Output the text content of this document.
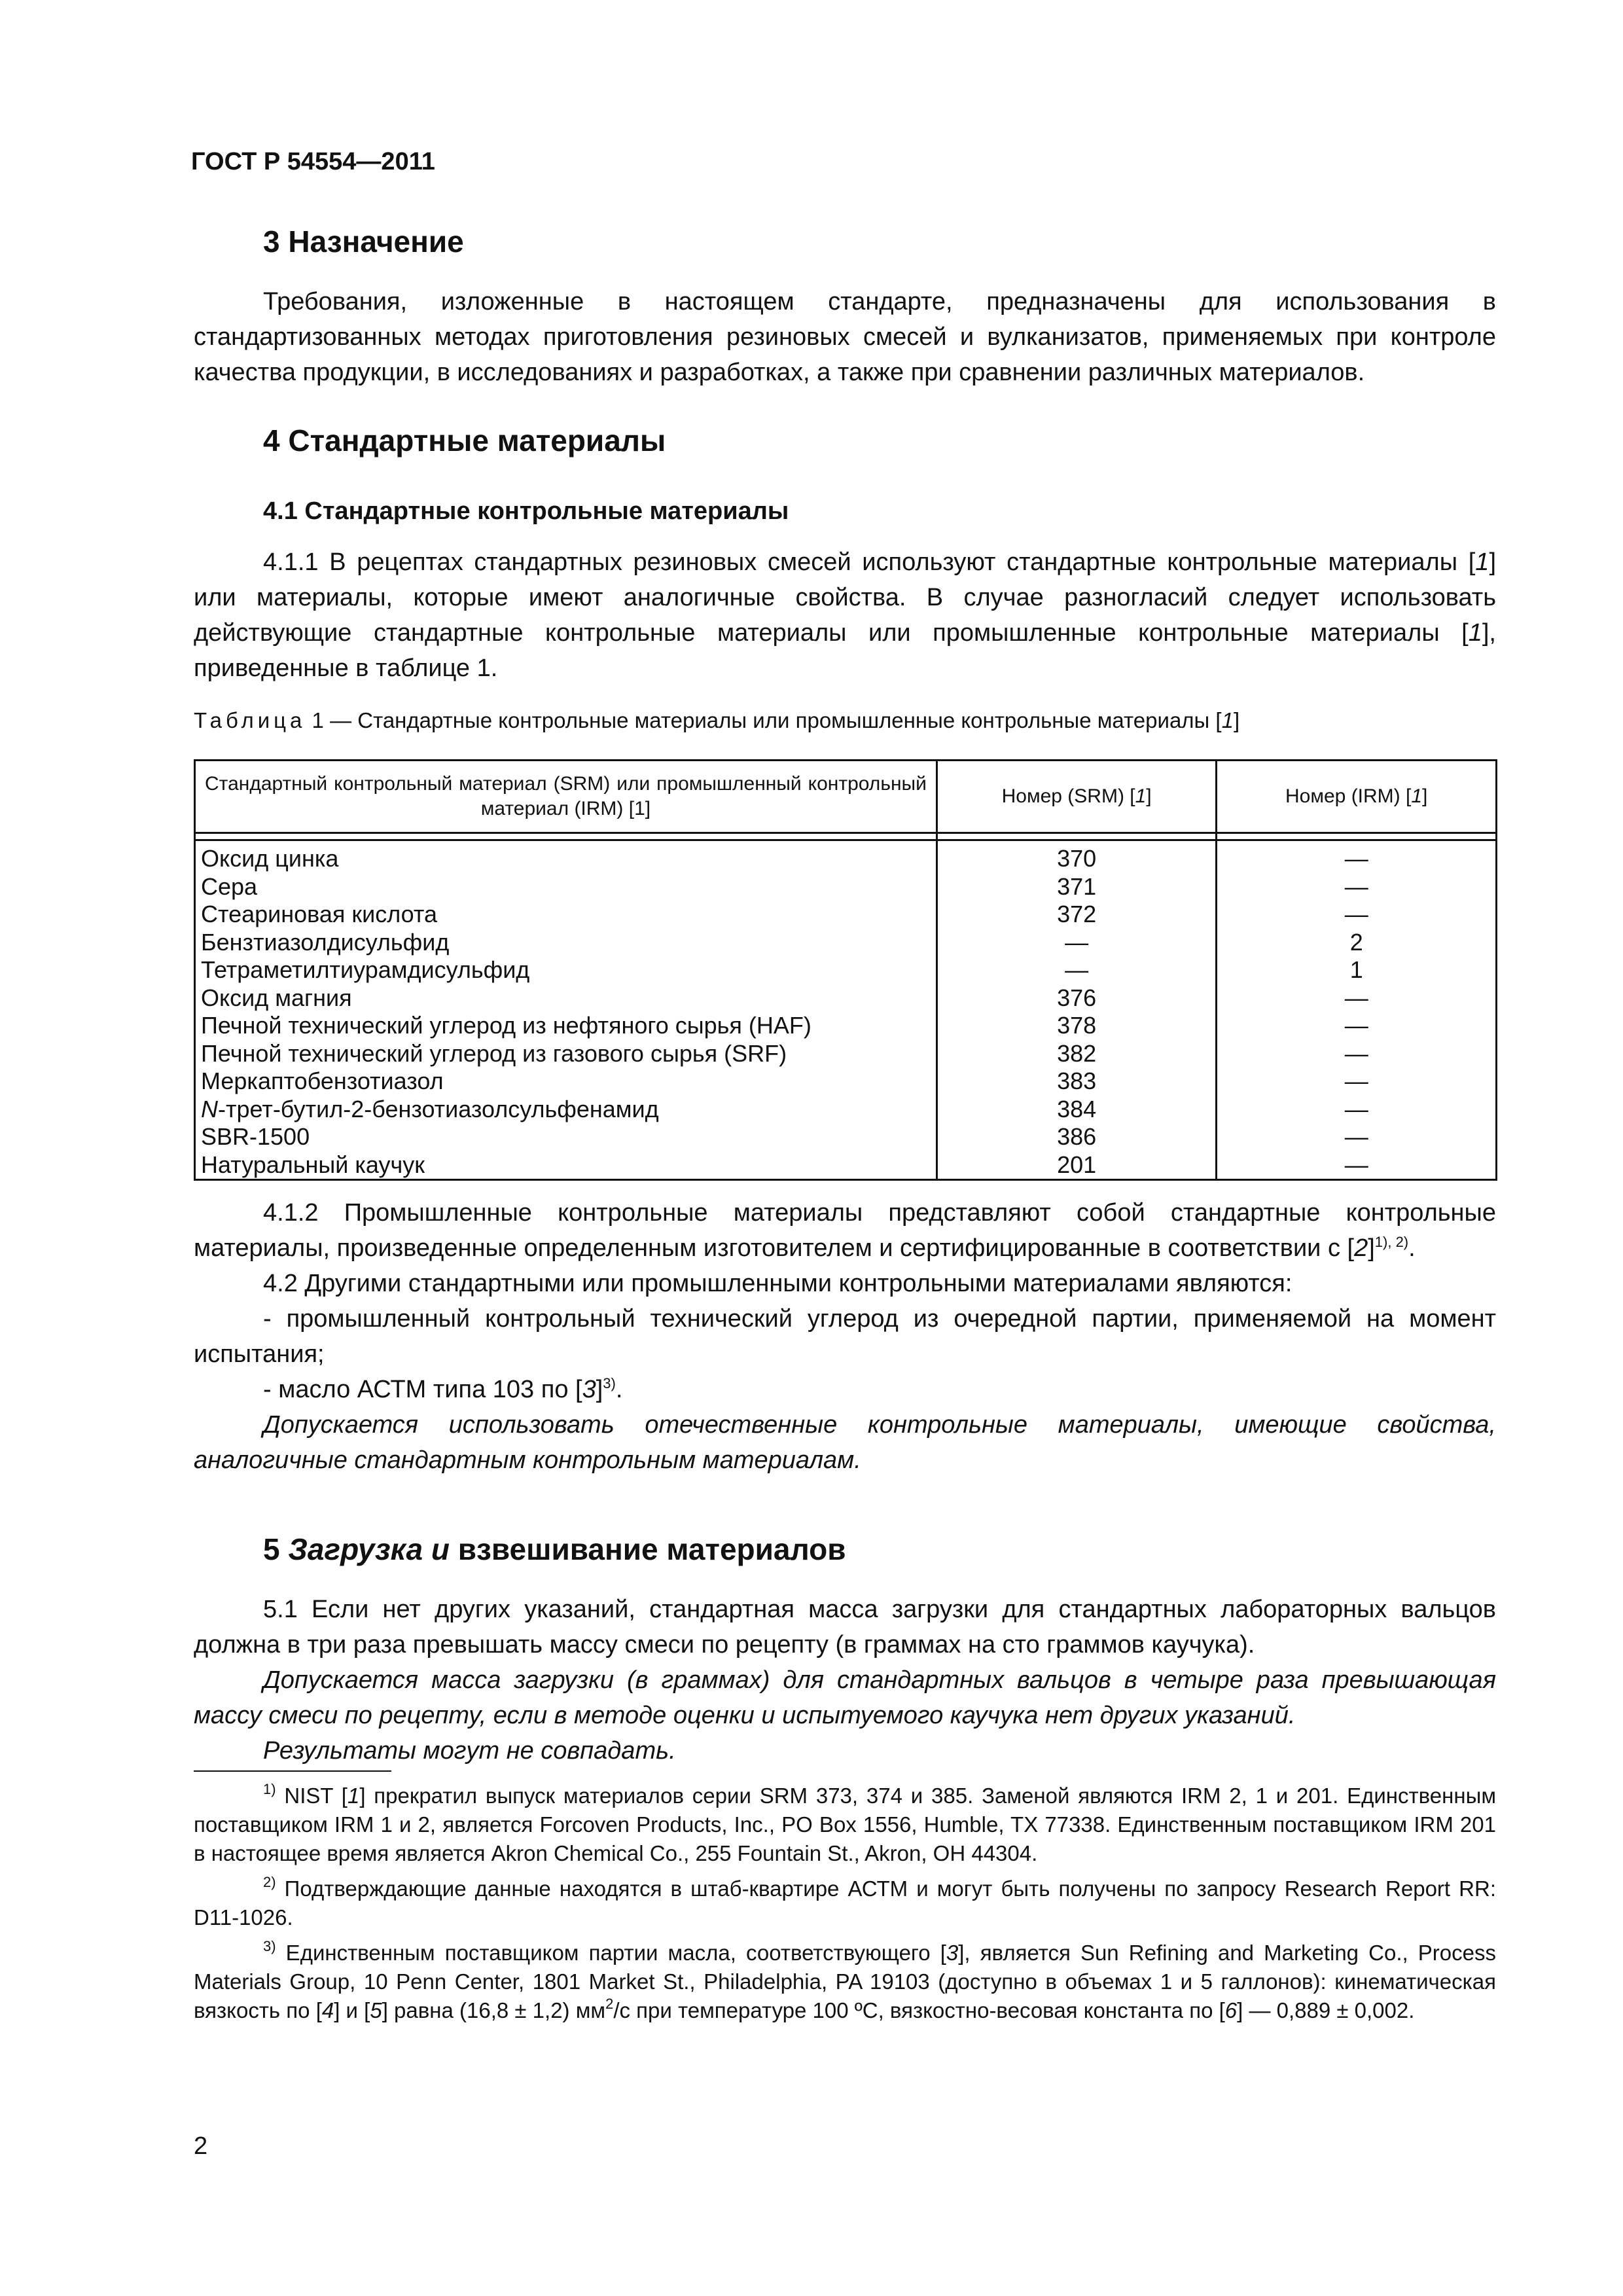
ГОСТ Р 54554—2011
3 Назначение

Требования, изложенные в настоящем стандарте, предназначены для использования в стандартизованных методах приготовления резиновых смесей и вулканизатов, применяемых при контроле качества продукции, в исследованиях и разработках, а также при сравнении различных материалов.

4 Стандартные материалы
4.1 Стандартные контрольные материалы

4.1.1 В рецептах стандартных резиновых смесей используют стандартные контрольные материалы [1] или материалы, которые имеют аналогичные свойства. В случае разногласий следует использовать действующие стандартные контрольные материалы или промышленные контрольные материалы [1], приведенные в таблице 1.

Таблица 1 — Стандартные контрольные материалы или промышленные контрольные материалы [1]
Стандартный контрольный материал (SRM) или промышленный контрольный материал (IRM) [1]	Номер (SRM) [1]	Номер (IRM) [1]

Оксид цинка	370	—
Сера	371	—
Стеариновая кислота	372	—
Бензтиазолдисульфид	—	2
Тетраметилтиурамдисульфид	—	1
Оксид магния	376	—
Печной технический углерод из нефтяного сырья (HAF)	378	—
Печной технический углерод из газового сырья (SRF)	382	—
Меркаптобензотиазол	383	—
N-трет-бутил-2-бензотиазолсульфенамид	384	—
SBR-1500	386	—
Натуральный каучук	201	—

4.1.2 Промышленные контрольные материалы представляют собой стандартные контрольные материалы, произведенные определенным изготовителем и сертифицированные в соответствии с $[2]^{1), 2)}$.

4.2 Другими стандартными или промышленными контрольными материалами являются:

- промышленный контрольный технический углерод из очередной партии, применяемой на момент испытания;

- масло АСТМ типа 103 по $[3]^{3)}$.

Допускается использовать отечественные контрольные материалы, имеющие свойства, аналогичные стандартным контрольным материалам.

5 Загрузка и взвешивание материалов

5.1 Если нет других указаний, стандартная масса загрузки для стандартных лабораторных вальцов должна в три раза превышать массу смеси по рецепту (в граммах на сто граммов каучука).

Допускается масса загрузки (в граммах) для стандартных вальцов в четыре раза превышающая массу смеси по рецепту, если в методе оценки и испытуемого каучука нет других указаний.

Результаты могут не совпадать.

$^{1)}$ NIST [1] прекратил выпуск материалов серии SRM 373, 374 и 385. Заменой являются IRM 2, 1 и 201. Единственным поставщиком IRM 1 и 2, является Forcoven Products, Inc., PO Box 1556, Humble, TX 77338. Единственным поставщиком IRM 201 в настоящее время является Akron Chemical Co., 255 Fountain St., Akron, OH 44304.

$^{2)}$ Подтверждающие данные находятся в штаб-квартире АСТМ и могут быть получены по запросу Research Report RR: D11-1026.

$^{3)}$ Единственным поставщиком партии масла, соответствующего [3], является Sun Refining and Marketing Co., Process Materials Group, 10 Penn Center, 1801 Market St., Philadelphia, PA 19103 (доступно в объемах 1 и 5 галлонов): кинематическая вязкость по [4] и [5] равна (16,8 ± 1,2) $мм^2/с$ при температуре 100 ºС, вязкостно-весовая константа по [6] — 0,889 ± 0,002.

2
